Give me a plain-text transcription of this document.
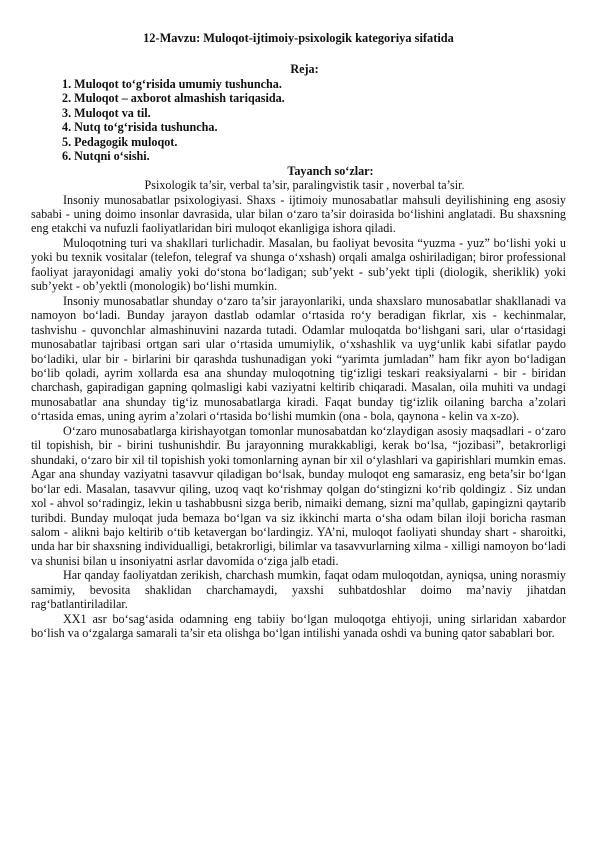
12-Mavzu: Muloqot-ijtimoiy-psixologik kategoriya sifatida

Reja:

1. Muloqot to‘g‘risida umumiy tushuncha.
2. Muloqot – axborot almashish tariqasida.
3. Muloqot va til.
4. Nutq to‘g‘risida tushuncha.
5. Pedagogik muloqot.
6. Nutqni o‘sishi.

Tayanch so‘zlar:

Psixologik ta’sir, verbal ta’sir, paralingvistik tasir , noverbal ta’sir.

Insoniy munosabatlar psixologiyasi. Shaxs - ijtimoiy munosabatlar mahsuli deyilishining eng asosiy sababi - uning doimo insonlar davrasida, ular bilan o‘zaro ta’sir doirasida bo‘lishini anglatadi. Bu shaxsning eng etakchi va nufuzli faoliyatlaridan biri muloqot ekanligiga ishora qiladi.

Muloqotning turi va shakllari turlichadir. Masalan, bu faoliyat bevosita “yuzma - yuz” bo‘lishi yoki u yoki bu texnik vositalar (telefon, telegraf va shunga o‘xshash) orqali amalga oshiriladigan; biror professional faoliyat jarayonidagi amaliy yoki do‘stona bo‘ladigan; sub’yekt - sub’yekt tipli (diologik, sheriklik) yoki sub’yekt - ob’yektli (monologik) bo‘lishi mumkin.

Insoniy munosabatlar shunday o‘zaro ta’sir jarayonlariki, unda shaxslaro munosabatlar shakllanadi va namoyon bo‘ladi. Bunday jarayon dastlab odamlar o‘rtasida ro‘y beradigan fikrlar, xis - kechinmalar, tashvishu - quvonchlar almashinuvini nazarda tutadi. Odamlar muloqatda bo‘lishgani sari, ular o‘rtasidagi munosabatlar tajribasi ortgan sari ular o‘rtasida umumiylik, o‘xshashlik va uyg‘unlik kabi sifatlar paydo bo‘ladiki, ular bir - birlarini bir qarashda tushunadigan yoki “yarimta jumladan” ham fikr ayon bo‘ladigan bo‘lib qoladi, ayrim xollarda esa ana shunday muloqotning tig‘izligi teskari reaksiyalarni - bir - biridan charchash, gapiradigan gapning qolmasligi kabi vaziyatni keltirib chiqaradi. Masalan, oila muhiti va undagi munosabatlar ana shunday tig‘iz munosabatlarga kiradi. Faqat bunday tig‘izlik oilaning barcha a’zolari o‘rtasida emas, uning ayrim a’zolari o‘rtasida bo‘lishi mumkin (ona - bola, qaynona - kelin va x-zo).

O‘zaro munosabatlarga kirishayotgan tomonlar munosabatdan ko‘zlaydigan asosiy maqsadlari - o‘zaro til topishish, bir - birini tushunishdir. Bu jarayonning murakkabligi, kerak bo‘lsa, “jozibasi”, betakrorligi shundaki, o‘zaro bir xil til topishish yoki tomonlarning aynan bir xil o‘ylashlari va gapirishlari mumkin emas. Agar ana shunday vaziyatni tasavvur qiladigan bo‘lsak, bunday muloqot eng samarasiz, eng beta’sir bo‘lgan bo‘lar edi. Masalan, tasavvur qiling, uzoq vaqt ko‘rishmay qolgan do‘stingizni ko‘rib qoldingiz . Siz undan xol - ahvol so‘radingiz, lekin u tashabbusni sizga berib, nimaiki demang, sizni ma’qullab, gapingizni qaytarib turibdi. Bunday muloqat juda bemaza bo‘lgan va siz ikkinchi marta o‘sha odam bilan iloji boricha rasman salom - alikni bajo keltirib o‘tib ketavergan bo‘lardingiz. YA’ni, muloqot faoliyati shunday shart - sharoitki, unda har bir shaxsning individualligi, betakrorligi, bilimlar va tasavvurlarning xilma - xilligi namoyon bo‘ladi va shunisi bilan u insoniyatni asrlar davomida o‘ziga jalb etadi.

Har qanday faoliyatdan zerikish, charchash mumkin, faqat odam muloqotdan, ayniqsa, uning norasmiy samimiy, bevosita shaklidan charchamaydi, yaxshi suhbatdoshlar doimo ma’naviy jihatdan rag‘batlantiriladilar.

XX1 asr bo‘sag‘asida odamning eng tabiiy bo‘lgan muloqotga ehtiyoji, uning sirlaridan xabardor bo‘lish va o‘zgalarga samarali ta’sir eta olishga bo‘lgan intilishi yanada oshdi va buning qator sabablari bor.
